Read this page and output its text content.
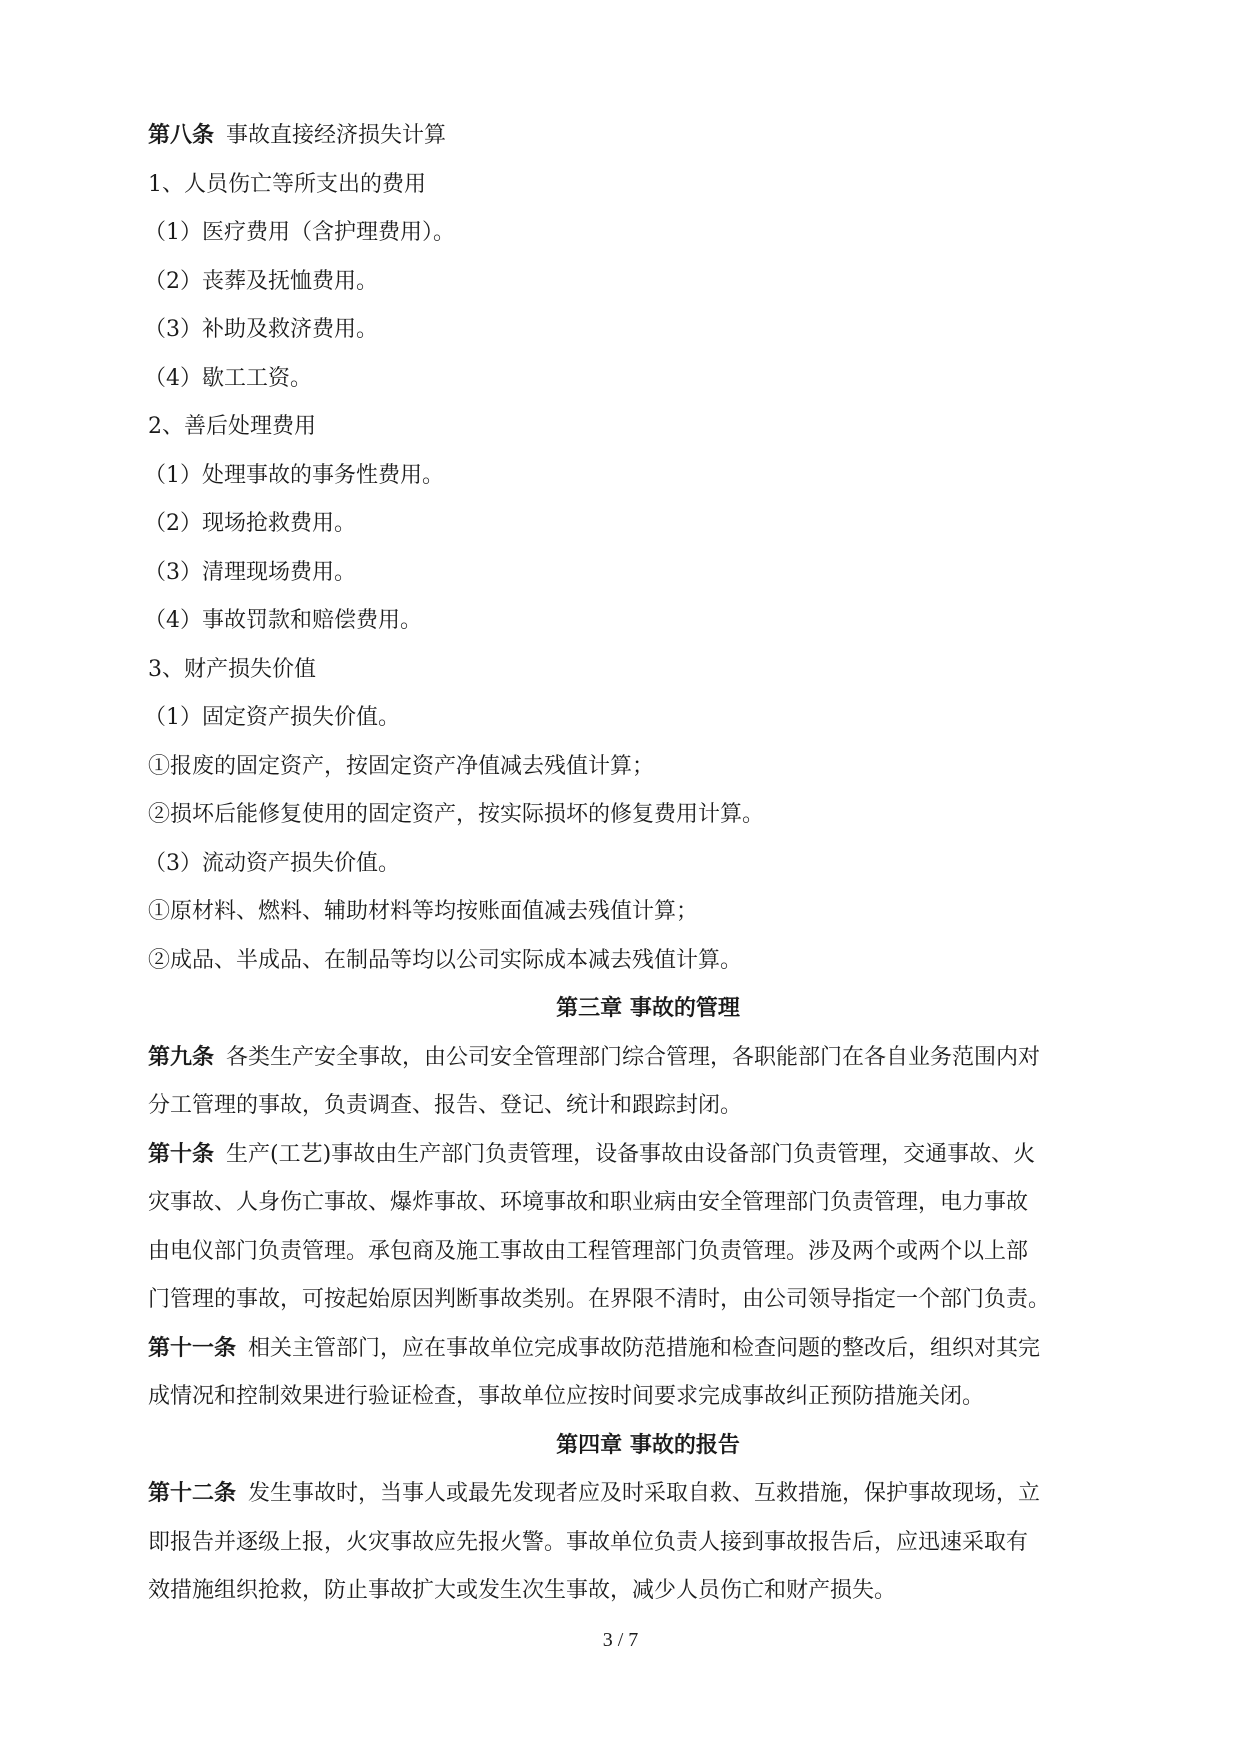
第八条 事故直接经济损失计算
1、人员伤亡等所支出的费用
（1）医疗费用（含护理费用）。
（2）丧葬及抚恤费用。
（3）补助及救济费用。
（4）歇工工资。
2、善后处理费用
（1）处理事故的事务性费用。
（2）现场抢救费用。
（3）清理现场费用。
（4）事故罚款和赔偿费用。
3、财产损失价值
（1）固定资产损失价值。
①报废的固定资产，按固定资产净值减去残值计算；
②损坏后能修复使用的固定资产，按实际损坏的修复费用计算。
（3）流动资产损失价值。
①原材料、燃料、辅助材料等均按账面值减去残值计算；
②成品、半成品、在制品等均以公司实际成本减去残值计算。
第三章 事故的管理
第九条 各类生产安全事故，由公司安全管理部门综合管理，各职能部门在各自业务范围内对
分工管理的事故，负责调查、报告、登记、统计和跟踪封闭。
第十条 生产(工艺)事故由生产部门负责管理，设备事故由设备部门负责管理，交通事故、火
灾事故、人身伤亡事故、爆炸事故、环境事故和职业病由安全管理部门负责管理，电力事故
由电仪部门负责管理。承包商及施工事故由工程管理部门负责管理。涉及两个或两个以上部
门管理的事故，可按起始原因判断事故类别。在界限不清时，由公司领导指定一个部门负责。
第十一条 相关主管部门，应在事故单位完成事故防范措施和检查问题的整改后，组织对其完
成情况和控制效果进行验证检查，事故单位应按时间要求完成事故纠正预防措施关闭。
第四章 事故的报告
第十二条 发生事故时，当事人或最先发现者应及时采取自救、互救措施，保护事故现场，立
即报告并逐级上报，火灾事故应先报火警。事故单位负责人接到事故报告后，应迅速采取有
效措施组织抢救，防止事故扩大或发生次生事故，减少人员伤亡和财产损失。
3 / 7
